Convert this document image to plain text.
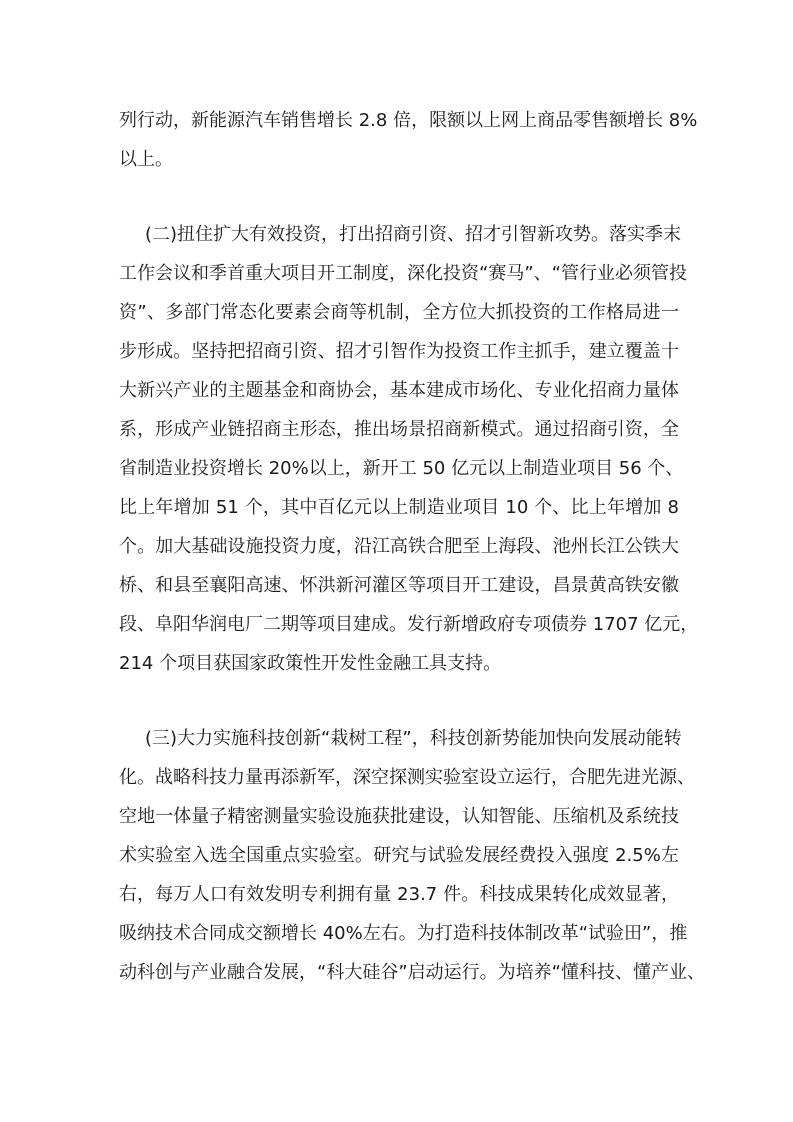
列行动，新能源汽车销售增长 2.8 倍，限额以上网上商品零售额增长 8%
以上。
(二)扭住扩大有效投资，打出招商引资、招才引智新攻势。落实季末
工作会议和季首重大项目开工制度，深化投资“赛马”、“管行业必须管投
资”、多部门常态化要素会商等机制，全方位大抓投资的工作格局进一
步形成。坚持把招商引资、招才引智作为投资工作主抓手，建立覆盖十
大新兴产业的主题基金和商协会，基本建成市场化、专业化招商力量体
系，形成产业链招商主形态，推出场景招商新模式。通过招商引资，全
省制造业投资增长 20%以上，新开工 50 亿元以上制造业项目 56 个、
比上年增加 51 个，其中百亿元以上制造业项目 10 个、比上年增加 8
个。加大基础设施投资力度，沿江高铁合肥至上海段、池州长江公铁大
桥、和县至襄阳高速、怀洪新河灌区等项目开工建设，昌景黄高铁安徽
段、阜阳华润电厂二期等项目建成。发行新增政府专项债券 1707 亿元，
214 个项目获国家政策性开发性金融工具支持。
(三)大力实施科技创新“栽树工程”，科技创新势能加快向发展动能转
化。战略科技力量再添新军，深空探测实验室设立运行，合肥先进光源、
空地一体量子精密测量实验设施获批建设，认知智能、压缩机及系统技
术实验室入选全国重点实验室。研究与试验发展经费投入强度 2.5%左
右，每万人口有效发明专利拥有量 23.7 件。科技成果转化成效显著，
吸纳技术合同成交额增长 40%左右。为打造科技体制改革“试验田”，推
动科创与产业融合发展，“科大硅谷”启动运行。为培养“懂科技、懂产业、
